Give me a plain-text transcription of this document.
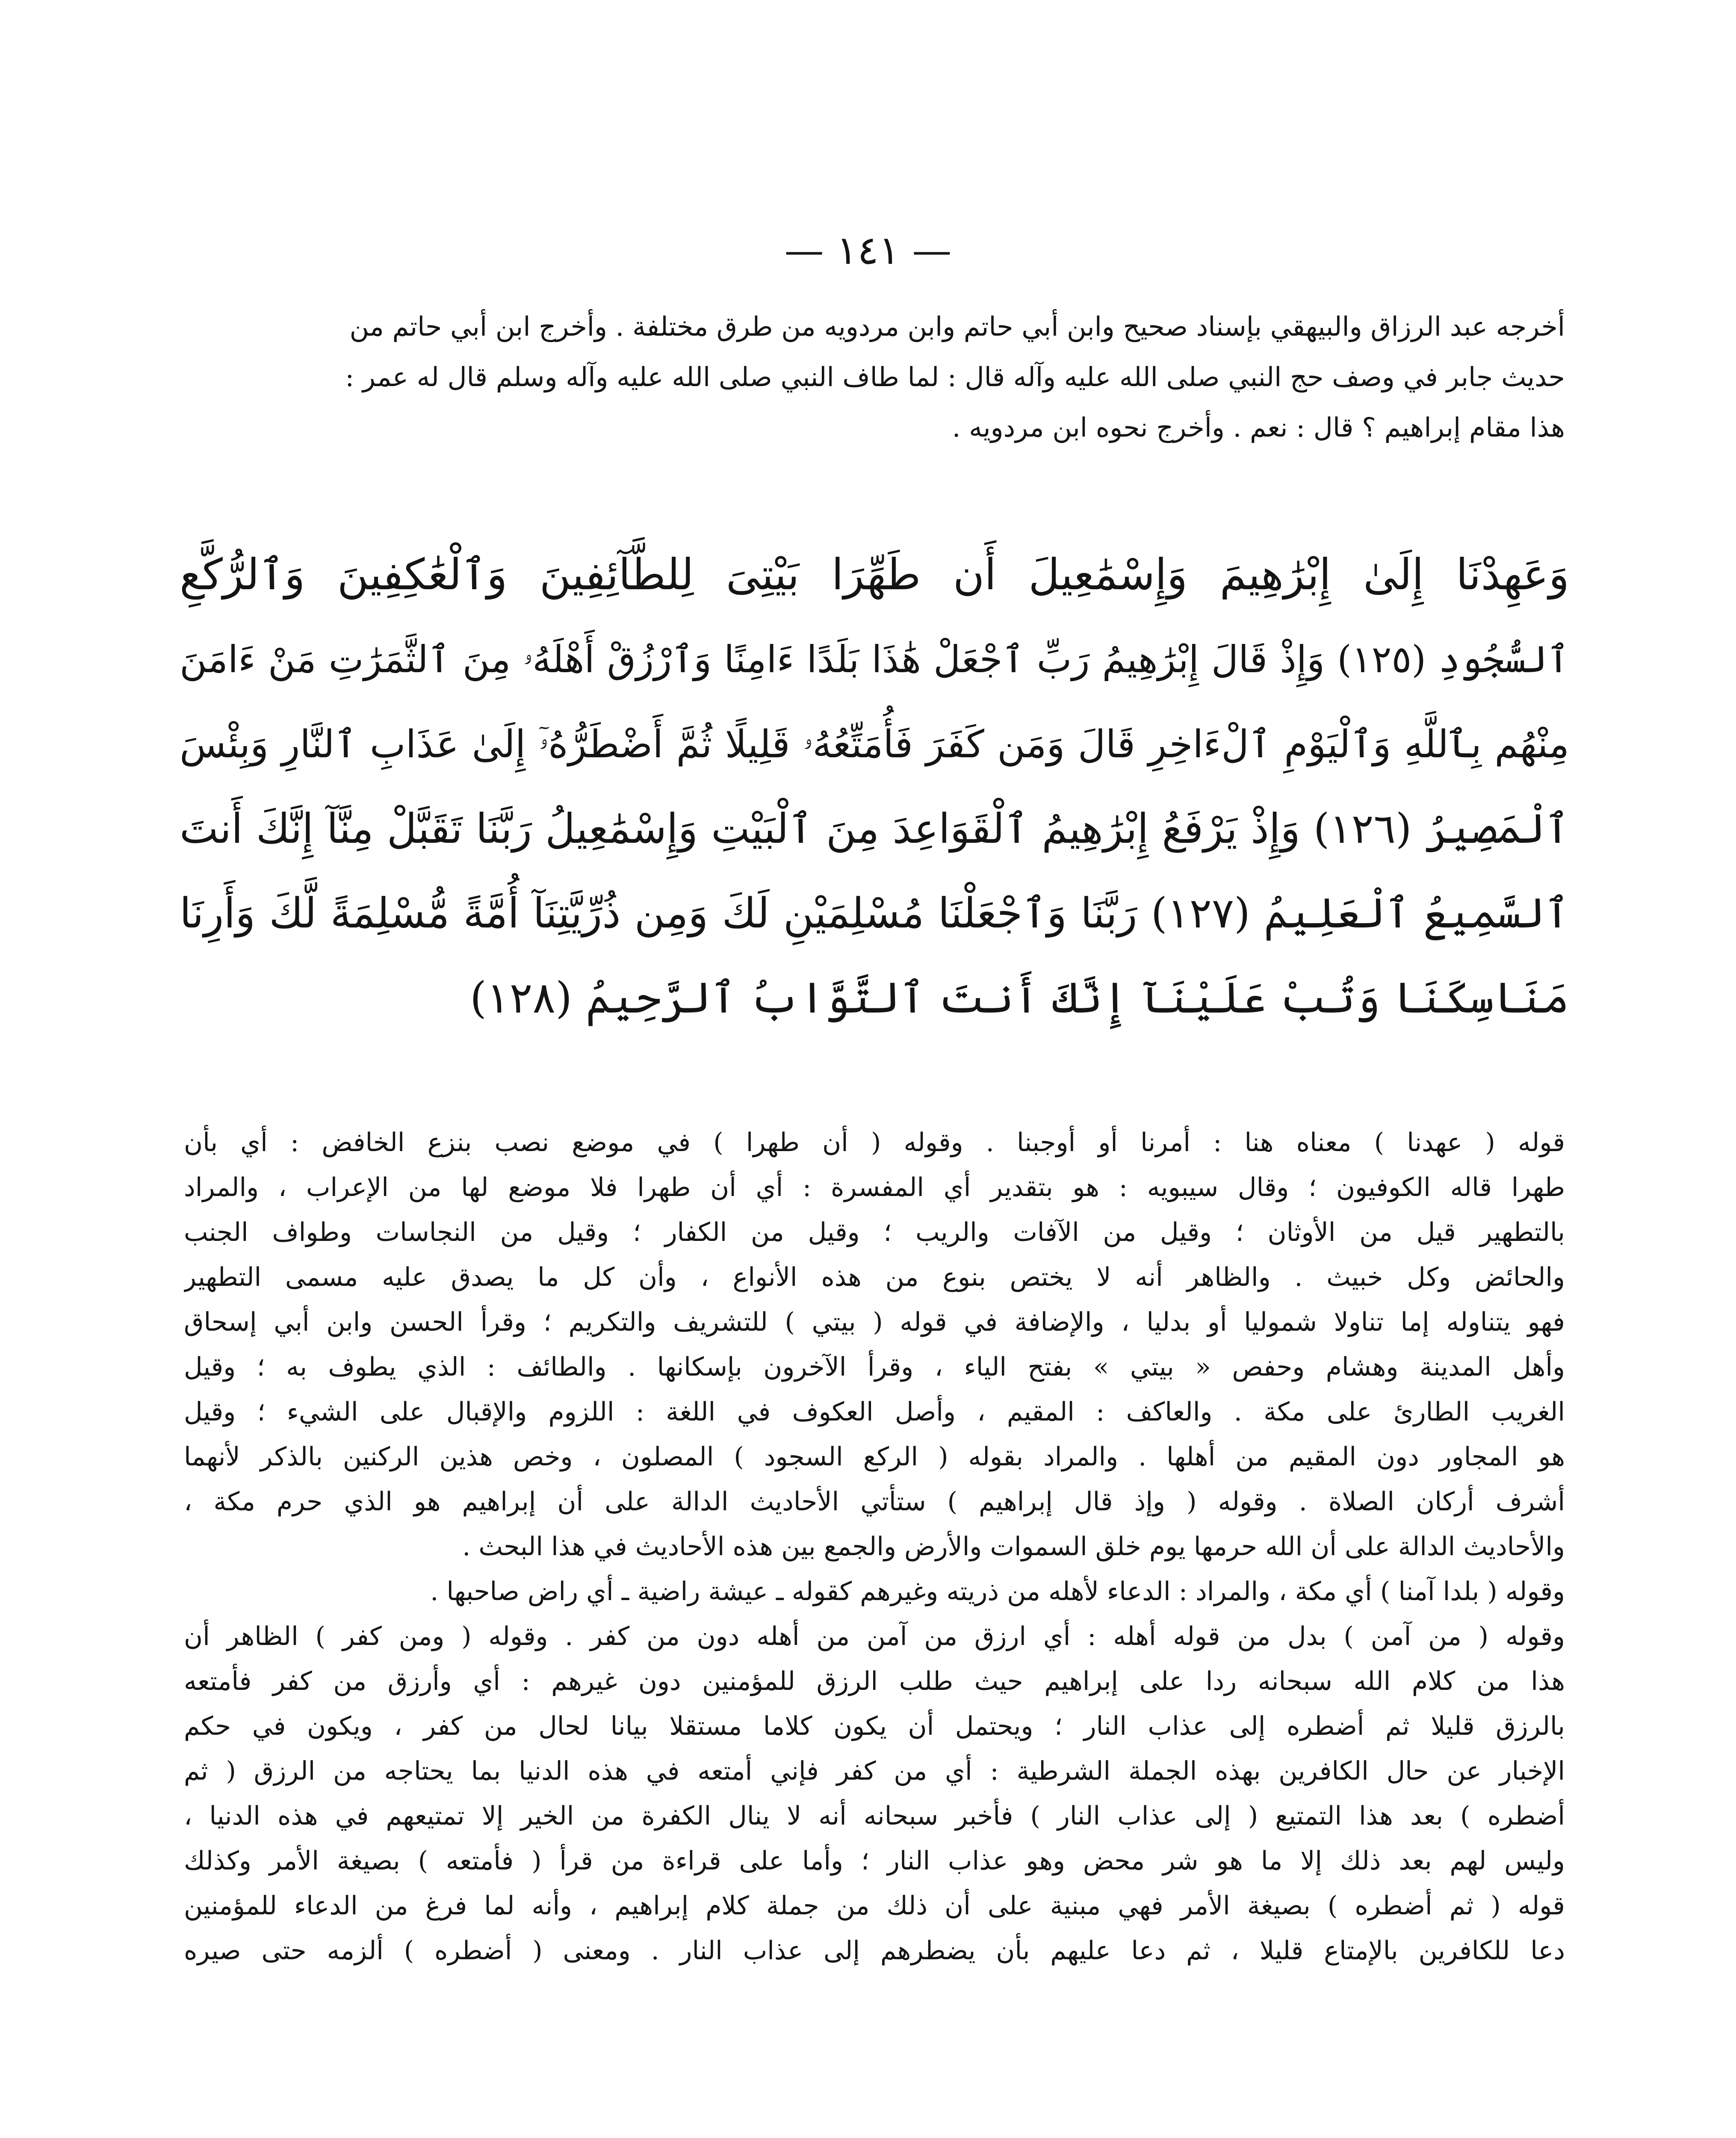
— ١٤١ —
أخرجه عبد الرزاق والبيهقي بإسناد صحيح وابن أبي حاتم وابن مردويه من طرق مختلفة . وأخرج ابن أبي حاتم من
حديث جابر في وصف حج النبي صلى الله عليه وآله قال : لما طاف النبي صلى الله عليه وآله وسلم قال له عمر :
هذا مقام إبراهيم ؟ قال : نعم . وأخرج نحوه ابن مردويه .
وَعَهِدْنَا إِلَىٰ إِبْرَٰهِيمَ وَإِسْمَٰعِيلَ أَن طَهِّرَا بَيْتِىَ لِلطَّآئِفِينَ وَٱلْعَٰكِفِينَ وَٱلرُّكَّعِ
ٱلسُّجُودِ (١٢٥) وَإِذْ قَالَ إِبْرَٰهِيمُ رَبِّ ٱجْعَلْ هَٰذَا بَلَدًا ءَامِنًا وَٱرْزُقْ أَهْلَهُۥ مِنَ ٱلثَّمَرَٰتِ مَنْ ءَامَنَ
مِنْهُم بِٱللَّهِ وَٱلْيَوْمِ ٱلْءَاخِرِ قَالَ وَمَن كَفَرَ فَأُمَتِّعُهُۥ قَلِيلًا ثُمَّ أَضْطَرُّهُۥٓ إِلَىٰ عَذَابِ ٱلنَّارِ وَبِئْسَ
ٱلْمَصِيرُ (١٢٦) وَإِذْ يَرْفَعُ إِبْرَٰهِيمُ ٱلْقَوَاعِدَ مِنَ ٱلْبَيْتِ وَإِسْمَٰعِيلُ رَبَّنَا تَقَبَّلْ مِنَّآ إِنَّكَ أَنتَ
ٱلسَّمِيعُ ٱلْعَلِيمُ (١٢٧) رَبَّنَا وَٱجْعَلْنَا مُسْلِمَيْنِ لَكَ وَمِن ذُرِّيَّتِنَآ أُمَّةً مُّسْلِمَةً لَّكَ وَأَرِنَا
مَنَاسِكَنَا وَتُبْ عَلَيْنَآ إِنَّكَ أَنتَ ٱلتَّوَّابُ ٱلرَّحِيمُ (١٢٨)
قوله ( عهدنا ) معناه هنا : أمرنا أو أوجبنا . وقوله ( أن طهرا ) في موضع نصب بنزع الخافض : أي بأن
طهرا قاله الكوفيون ؛ وقال سيبويه : هو بتقدير أي المفسرة : أي أن طهرا فلا موضع لها من الإعراب ، والمراد
بالتطهير قيل من الأوثان ؛ وقيل من الآفات والريب ؛ وقيل من الكفار ؛ وقيل من النجاسات وطواف الجنب
والحائض وكل خبيث . والظاهر أنه لا يختص بنوع من هذه الأنواع ، وأن كل ما يصدق عليه مسمى التطهير
فهو يتناوله إما تناولا شموليا أو بدليا ، والإضافة في قوله ( بيتي ) للتشريف والتكريم ؛ وقرأ الحسن وابن أبي إسحاق
وأهل المدينة وهشام وحفص « بيتي » بفتح الياء ، وقرأ الآخرون بإسكانها . والطائف : الذي يطوف به ؛ وقيل
الغريب الطارئ على مكة . والعاكف : المقيم ، وأصل العكوف في اللغة : اللزوم والإقبال على الشيء ؛ وقيل
هو المجاور دون المقيم من أهلها . والمراد بقوله ( الركع السجود ) المصلون ، وخص هذين الركنين بالذكر لأنهما
أشرف أركان الصلاة . وقوله ( وإذ قال إبراهيم ) ستأتي الأحاديث الدالة على أن إبراهيم هو الذي حرم مكة ،
والأحاديث الدالة على أن الله حرمها يوم خلق السموات والأرض والجمع بين هذه الأحاديث في هذا البحث .
وقوله ( بلدا آمنا ) أي مكة ، والمراد : الدعاء لأهله من ذريته وغيرهم كقوله ـ عيشة راضية ـ أي راض صاحبها .
وقوله ( من آمن ) بدل من قوله أهله : أي ارزق من آمن من أهله دون من كفر . وقوله ( ومن كفر ) الظاهر أن
هذا من كلام الله سبحانه ردا على إبراهيم حيث طلب الرزق للمؤمنين دون غيرهم : أي وأرزق من كفر فأمتعه
بالرزق قليلا ثم أضطره إلى عذاب النار ؛ ويحتمل أن يكون كلاما مستقلا بيانا لحال من كفر ، ويكون في حكم
الإخبار عن حال الكافرين بهذه الجملة الشرطية : أي من كفر فإني أمتعه في هذه الدنيا بما يحتاجه من الرزق ( ثم
أضطره ) بعد هذا التمتيع ( إلى عذاب النار ) فأخبر سبحانه أنه لا ينال الكفرة من الخير إلا تمتيعهم في هذه الدنيا ،
وليس لهم بعد ذلك إلا ما هو شر محض وهو عذاب النار ؛ وأما على قراءة من قرأ ( فأمتعه ) بصيغة الأمر وكذلك
قوله ( ثم أضطره ) بصيغة الأمر فهي مبنية على أن ذلك من جملة كلام إبراهيم ، وأنه لما فرغ من الدعاء للمؤمنين
دعا للكافرين بالإمتاع قليلا ، ثم دعا عليهم بأن يضطرهم إلى عذاب النار . ومعنى ( أضطره ) ألزمه حتى صيره
